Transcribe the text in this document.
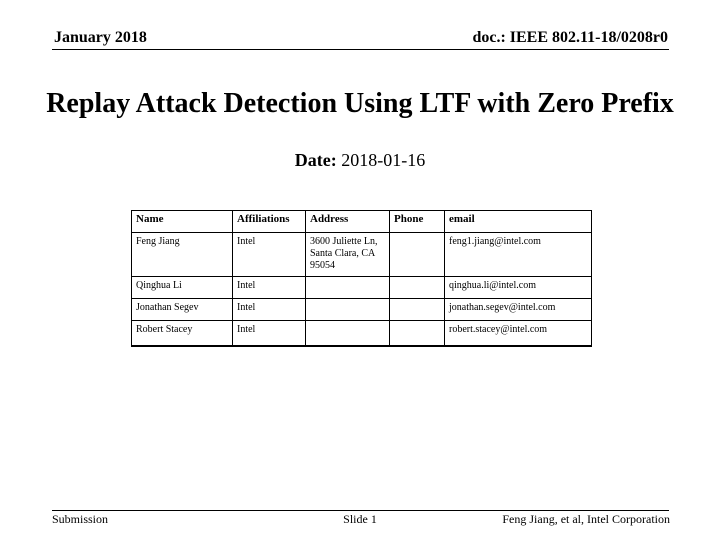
January 2018	doc.: IEEE 802.11-18/0208r0
Replay Attack Detection Using LTF with Zero Prefix
Date: 2018-01-16
Name	Affiliations	Address	Phone	email
Feng Jiang	Intel	3600 Juliette Ln, Santa Clara, CA 95054		feng1.jiang@intel.com
Qinghua Li	Intel			qinghua.li@intel.com
Jonathan Segev	Intel			jonathan.segev@intel.com
Robert Stacey	Intel			robert.stacey@intel.com
Submission	Slide 1	Feng Jiang, et al, Intel Corporation
